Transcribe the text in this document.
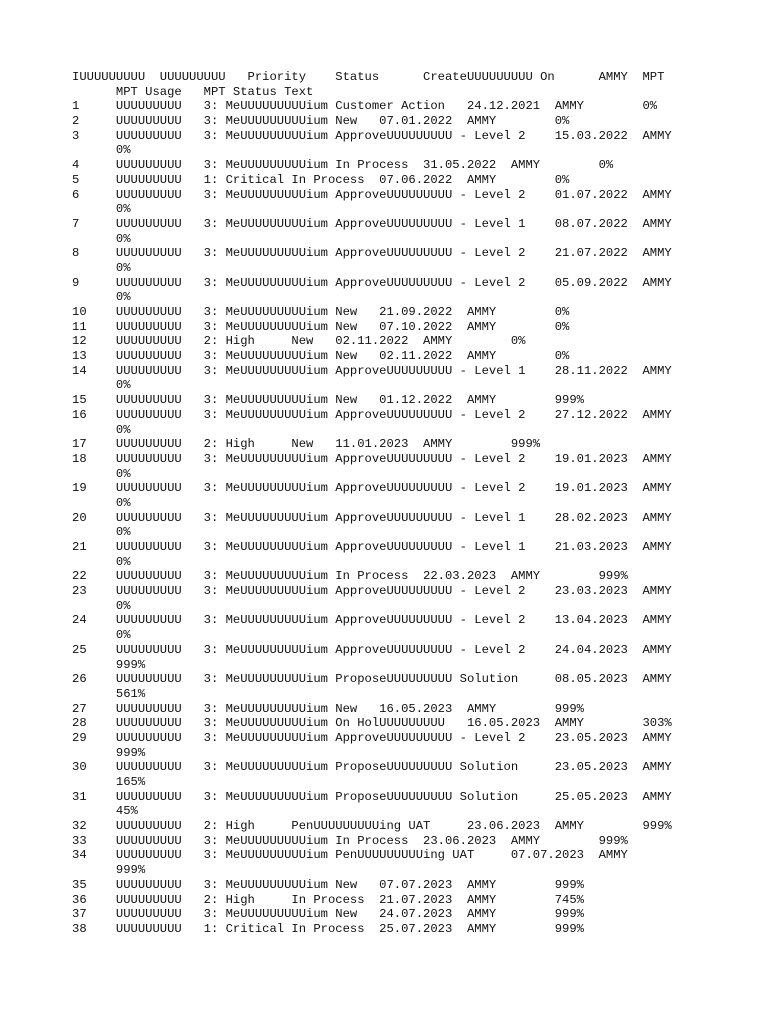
IUUUUUUUUU  UUUUUUUUU   Priority    Status      CreateUUUUUUUUU On      AMMY  MPT
MPT Usage   MPT Status Text
1     UUUUUUUUU   3: MeUUUUUUUUUium Customer Action   24.12.2021  AMMY        0%
2     UUUUUUUUU   3: MeUUUUUUUUUium New   07.01.2022  AMMY        0%
3     UUUUUUUUU   3: MeUUUUUUUUUium ApproveUUUUUUUUU - Level 2    15.03.2022  AMMY
0%
4     UUUUUUUUU   3: MeUUUUUUUUUium In Process  31.05.2022  AMMY        0%
5     UUUUUUUUU   1: Critical In Process  07.06.2022  AMMY        0%
6     UUUUUUUUU   3: MeUUUUUUUUUium ApproveUUUUUUUUU - Level 2    01.07.2022  AMMY
0%
7     UUUUUUUUU   3: MeUUUUUUUUUium ApproveUUUUUUUUU - Level 1    08.07.2022  AMMY
0%
8     UUUUUUUUU   3: MeUUUUUUUUUium ApproveUUUUUUUUU - Level 2    21.07.2022  AMMY
0%
9     UUUUUUUUU   3: MeUUUUUUUUUium ApproveUUUUUUUUU - Level 2    05.09.2022  AMMY
0%
10    UUUUUUUUU   3: MeUUUUUUUUUium New   21.09.2022  AMMY        0%
11    UUUUUUUUU   3: MeUUUUUUUUUium New   07.10.2022  AMMY        0%
12    UUUUUUUUU   2: High     New   02.11.2022  AMMY        0%
13    UUUUUUUUU   3: MeUUUUUUUUUium New   02.11.2022  AMMY        0%
14    UUUUUUUUU   3: MeUUUUUUUUUium ApproveUUUUUUUUU - Level 1    28.11.2022  AMMY
0%
15    UUUUUUUUU   3: MeUUUUUUUUUium New   01.12.2022  AMMY        999%
16    UUUUUUUUU   3: MeUUUUUUUUUium ApproveUUUUUUUUU - Level 2    27.12.2022  AMMY
0%
17    UUUUUUUUU   2: High     New   11.01.2023  AMMY        999%
18    UUUUUUUUU   3: MeUUUUUUUUUium ApproveUUUUUUUUU - Level 2    19.01.2023  AMMY
0%
19    UUUUUUUUU   3: MeUUUUUUUUUium ApproveUUUUUUUUU - Level 2    19.01.2023  AMMY
0%
20    UUUUUUUUU   3: MeUUUUUUUUUium ApproveUUUUUUUUU - Level 1    28.02.2023  AMMY
0%
21    UUUUUUUUU   3: MeUUUUUUUUUium ApproveUUUUUUUUU - Level 1    21.03.2023  AMMY
0%
22    UUUUUUUUU   3: MeUUUUUUUUUium In Process  22.03.2023  AMMY        999%
23    UUUUUUUUU   3: MeUUUUUUUUUium ApproveUUUUUUUUU - Level 2    23.03.2023  AMMY
0%
24    UUUUUUUUU   3: MeUUUUUUUUUium ApproveUUUUUUUUU - Level 2    13.04.2023  AMMY
0%
25    UUUUUUUUU   3: MeUUUUUUUUUium ApproveUUUUUUUUU - Level 2    24.04.2023  AMMY
999%
26    UUUUUUUUU   3: MeUUUUUUUUUium ProposeUUUUUUUUU Solution     08.05.2023  AMMY
561%
27    UUUUUUUUU   3: MeUUUUUUUUUium New   16.05.2023  AMMY        999%
28    UUUUUUUUU   3: MeUUUUUUUUUium On HolUUUUUUUUU   16.05.2023  AMMY        303%
29    UUUUUUUUU   3: MeUUUUUUUUUium ApproveUUUUUUUUU - Level 2    23.05.2023  AMMY
999%
30    UUUUUUUUU   3: MeUUUUUUUUUium ProposeUUUUUUUUU Solution     23.05.2023  AMMY
165%
31    UUUUUUUUU   3: MeUUUUUUUUUium ProposeUUUUUUUUU Solution     25.05.2023  AMMY
45%
32    UUUUUUUUU   2: High     PenUUUUUUUUUing UAT     23.06.2023  AMMY        999%
33    UUUUUUUUU   3: MeUUUUUUUUUium In Process  23.06.2023  AMMY        999%
34    UUUUUUUUU   3: MeUUUUUUUUUium PenUUUUUUUUUing UAT     07.07.2023  AMMY
999%
35    UUUUUUUUU   3: MeUUUUUUUUUium New   07.07.2023  AMMY        999%
36    UUUUUUUUU   2: High     In Process  21.07.2023  AMMY        745%
37    UUUUUUUUU   3: MeUUUUUUUUUium New   24.07.2023  AMMY        999%
38    UUUUUUUUU   1: Critical In Process  25.07.2023  AMMY        999%
